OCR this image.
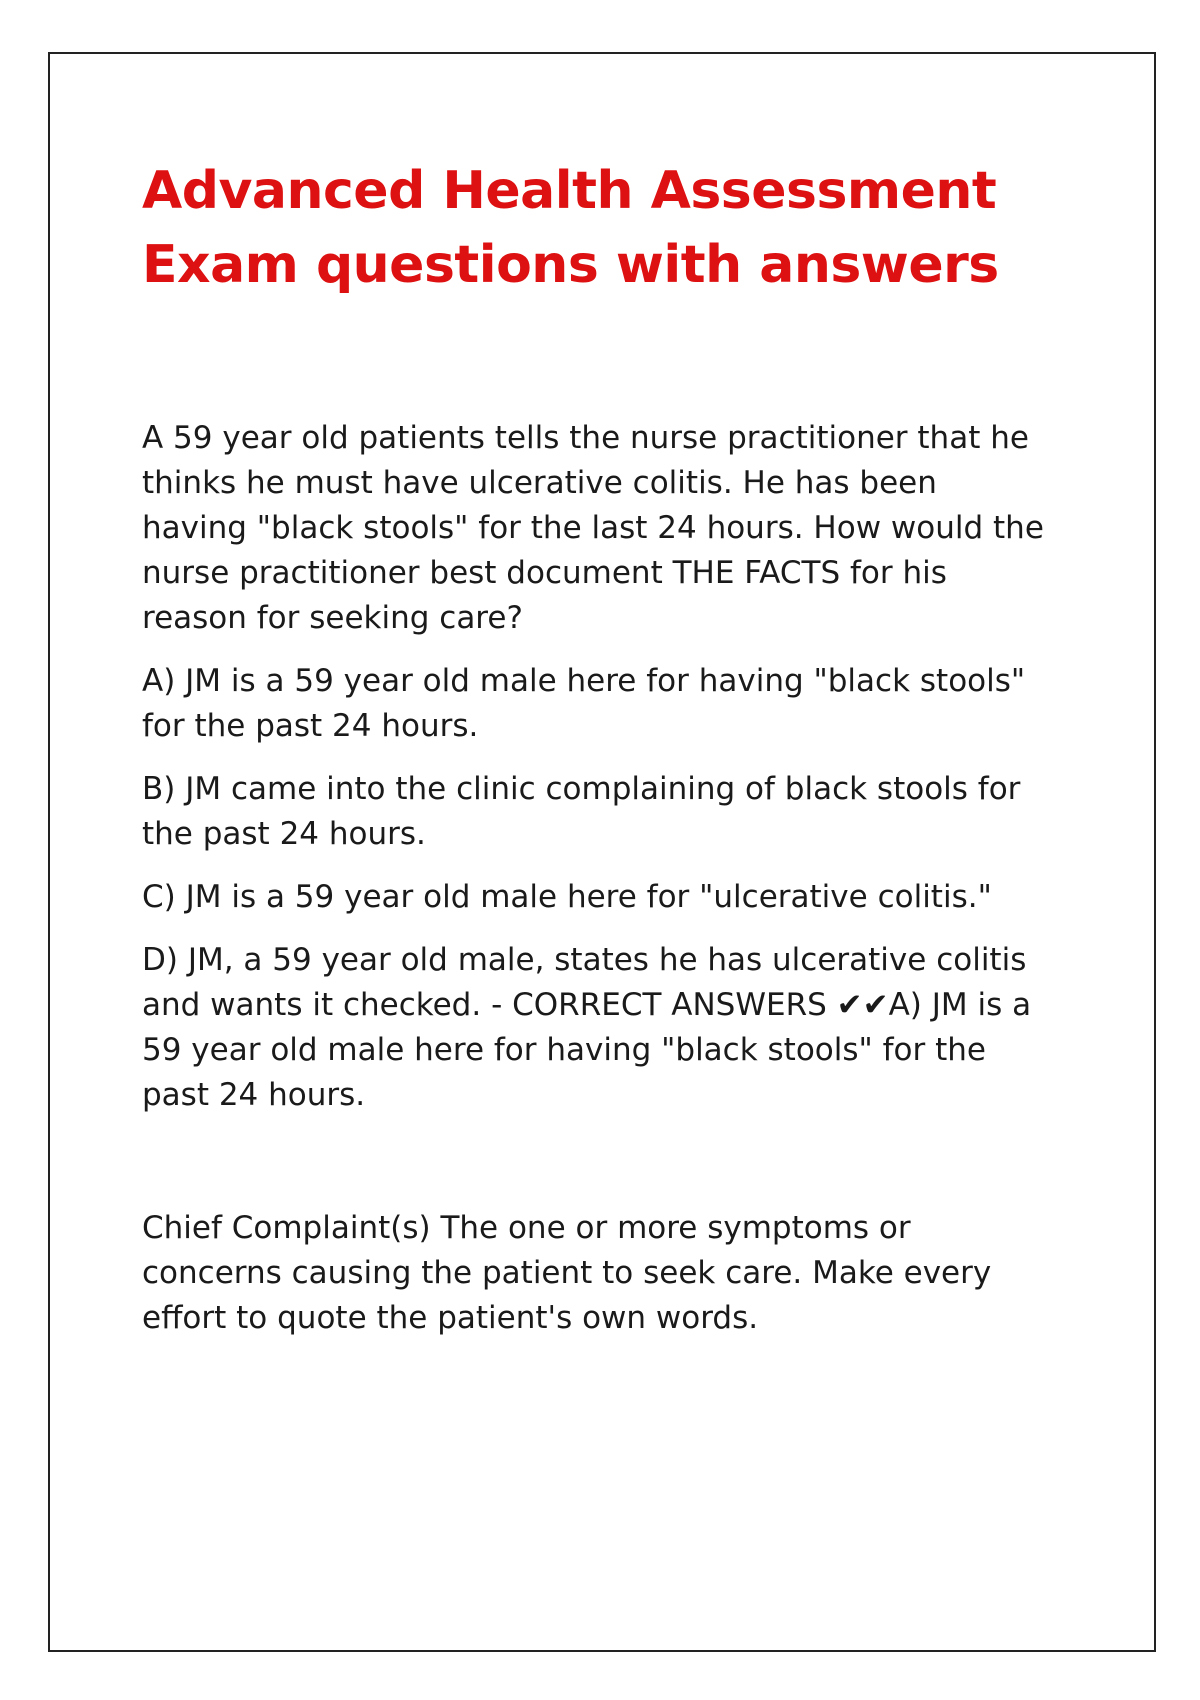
Advanced Health Assessment
Exam questions with answers

A 59 year old patients tells the nurse practitioner that he
thinks he must have ulcerative colitis. He has been
having "black stools" for the last 24 hours. How would the
nurse practitioner best document THE FACTS for his
reason for seeking care?

A) JM is a 59 year old male here for having "black stools"
for the past 24 hours.

B) JM came into the clinic complaining of black stools for
the past 24 hours.

C) JM is a 59 year old male here for "ulcerative colitis."

D) JM, a 59 year old male, states he has ulcerative colitis
and wants it checked. - CORRECT ANSWERS ✔✔A) JM is a
59 year old male here for having "black stools" for the
past 24 hours.

Chief Complaint(s) The one or more symptoms or
concerns causing the patient to seek care. Make every
effort to quote the patient's own words.
